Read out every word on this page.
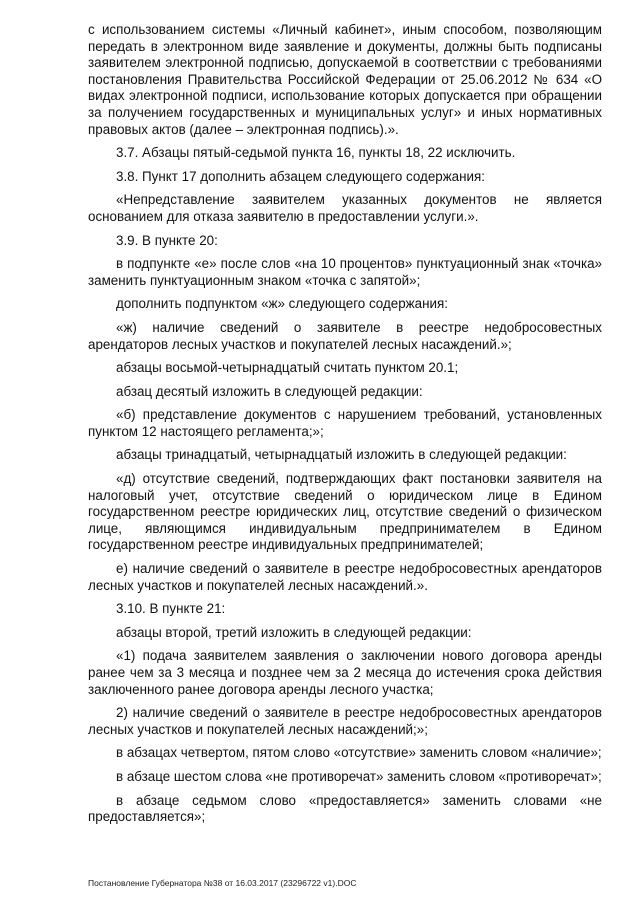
с использованием системы «Личный кабинет», иным способом, позволяющим передать в электронном виде заявление и документы, должны быть подписаны заявителем электронной подписью, допускаемой в соответствии с требованиями постановления Правительства Российской Федерации от 25.06.2012 № 634 «О видах электронной подписи, использование которых допускается при обращении за получением государственных и муниципальных услуг» и иных нормативных правовых актов (далее – электронная подпись).».

3.7. Абзацы пятый-седьмой пункта 16, пункты 18, 22 исключить.

3.8. Пункт 17 дополнить абзацем следующего содержания:

«Непредставление заявителем указанных документов не является основанием для отказа заявителю в предоставлении услуги.».

3.9. В пункте 20:

в подпункте «е» после слов «на 10 процентов» пунктуационный знак «точка» заменить пунктуационным знаком «точка с запятой»;

дополнить подпунктом «ж» следующего содержания:

«ж) наличие сведений о заявителе в реестре недобросовестных арендаторов лесных участков и покупателей лесных насаждений.»;

абзацы восьмой-четырнадцатый считать пунктом 20.1;

абзац десятый изложить в следующей редакции:

«б) представление документов с нарушением требований, установленных пунктом 12 настоящего регламента;»;

абзацы тринадцатый, четырнадцатый изложить в следующей редакции:

«д) отсутствие сведений, подтверждающих факт постановки заявителя на налоговый учет, отсутствие сведений о юридическом лице в Едином государственном реестре юридических лиц, отсутствие сведений о физическом лице, являющимся индивидуальным предпринимателем в Едином государственном реестре индивидуальных предпринимателей;

е) наличие сведений о заявителе в реестре недобросовестных арендаторов лесных участков и покупателей лесных насаждений.».

3.10. В пункте 21:

абзацы второй, третий изложить в следующей редакции:

«1) подача заявителем заявления о заключении нового договора аренды ранее чем за 3 месяца и позднее чем за 2 месяца до истечения срока действия заключенного ранее договора аренды лесного участка;

2) наличие сведений о заявителе в реестре недобросовестных арендаторов лесных участков и покупателей лесных насаждений;»;

в абзацах четвертом, пятом слово «отсутствие» заменить словом «наличие»;

в абзаце шестом слова «не противоречат» заменить словом «противоречат»;

в абзаце седьмом слово «предоставляется» заменить словами «не предоставляется»;

Постановление Губернатора №38 от 16.03.2017 (23296722 v1).DOC
